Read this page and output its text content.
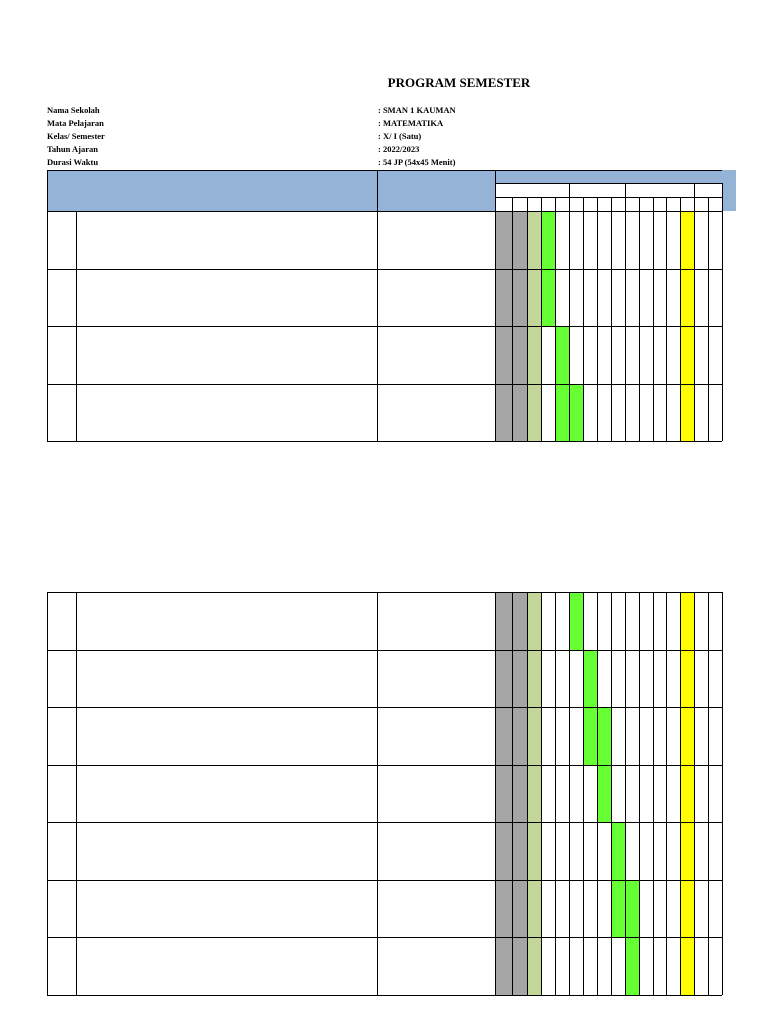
PROGRAM SEMESTER
Nama Sekolah	: SMAN 1 KAUMAN
Mata Pelajaran	: MATEMATIKA
Kelas/ Semester	: X/ I (Satu)
Tahun Ajaran	: 2022/2023
Durasi Waktu	: 54 JP (54x45 Menit)
